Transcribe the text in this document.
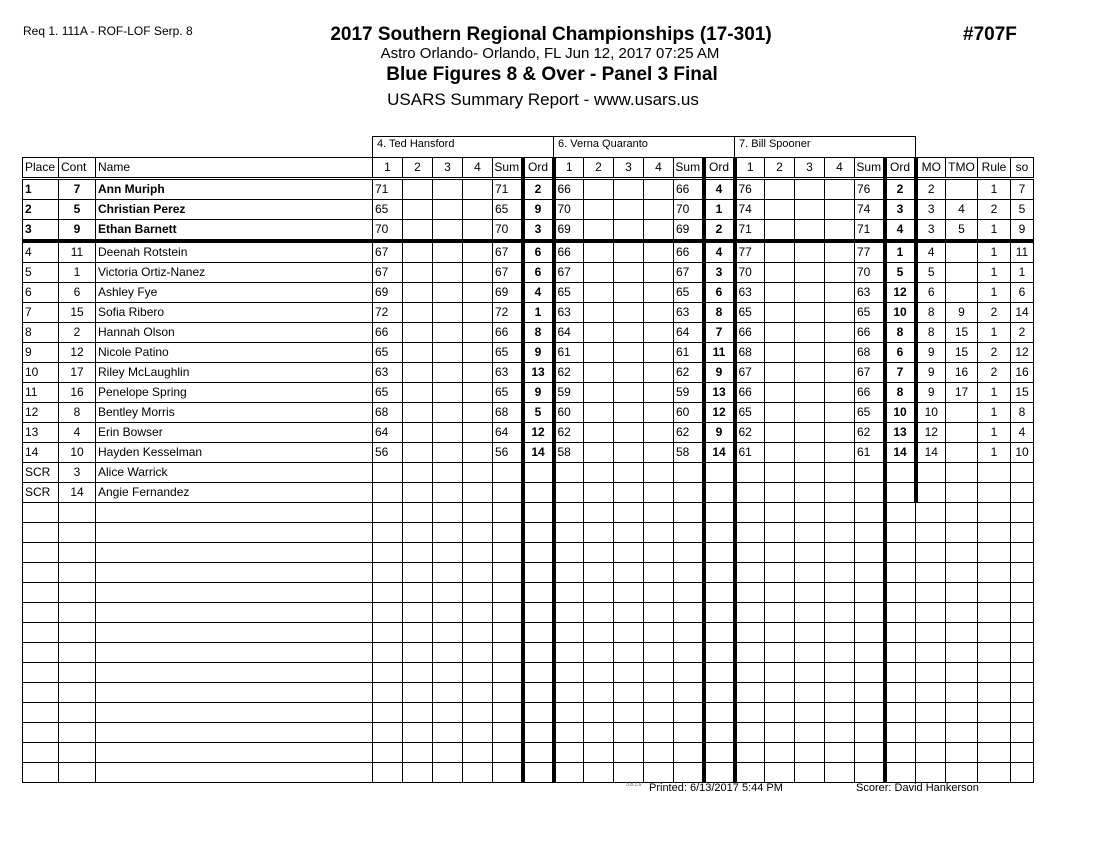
Req 1. 111A - ROF-LOF Serp. 8	2017 Southern Regional Championships (17-301)
Astro Orlando- Orlando, FL Jun 12, 2017 07:25 AM
Blue Figures 8 & Over - Panel 3 Final
USARS Summary Report - www.usars.us
#707F
4. Ted Hansford	6. Verna Quaranto	7. Bill Spooner
Place	Cont	Name	1	2	3	4	Sum	Ord	1	2	3	4	Sum	Ord	1	2	3	4	Sum	Ord	MO	TMO	Rule	so
1	7	Ann Muriph	71				71	2	66				66	4	76				76	2	2		1	7
2	5	Christian Perez	65				65	9	70				70	1	74				74	3	3	4	2	5
3	9	Ethan Barnett	70				70	3	69				69	2	71				71	4	3	5	1	9
4	11	Deenah Rotstein	67				67	6	66				66	4	77				77	1	4		1	11
5	1	Victoria Ortiz-Nanez	67				67	6	67				67	3	70				70	5	5		1	1
6	6	Ashley Fye	69				69	4	65				65	6	63				63	12	6		1	6
7	15	Sofia Ribero	72				72	1	63				63	8	65				65	10	8	9	2	14
8	2	Hannah Olson	66				66	8	64				64	7	66				66	8	8	15	1	2
9	12	Nicole Patino	65				65	9	61				61	11	68				68	6	9	15	2	12
10	17	Riley McLaughlin	63				63	13	62				62	9	67				67	7	9	16	2	16
11	16	Penelope Spring	65				65	9	59				59	13	66				66	8	9	17	1	15
12	8	Bentley Morris	68				68	5	60				60	12	65				65	10	10		1	8
13	4	Erin Bowser	64				64	12	62				62	9	62				62	13	12		1	4
14	10	Hayden Kesselman	56				56	14	58				58	14	61				61	14	14		1	10
SCR	3	Alice Warrick																						
SCR	14	Angie Fernandez																						

3.8.1.6 Printed: 6/13/2017 5:44 PM	Scorer: David Hankerson
